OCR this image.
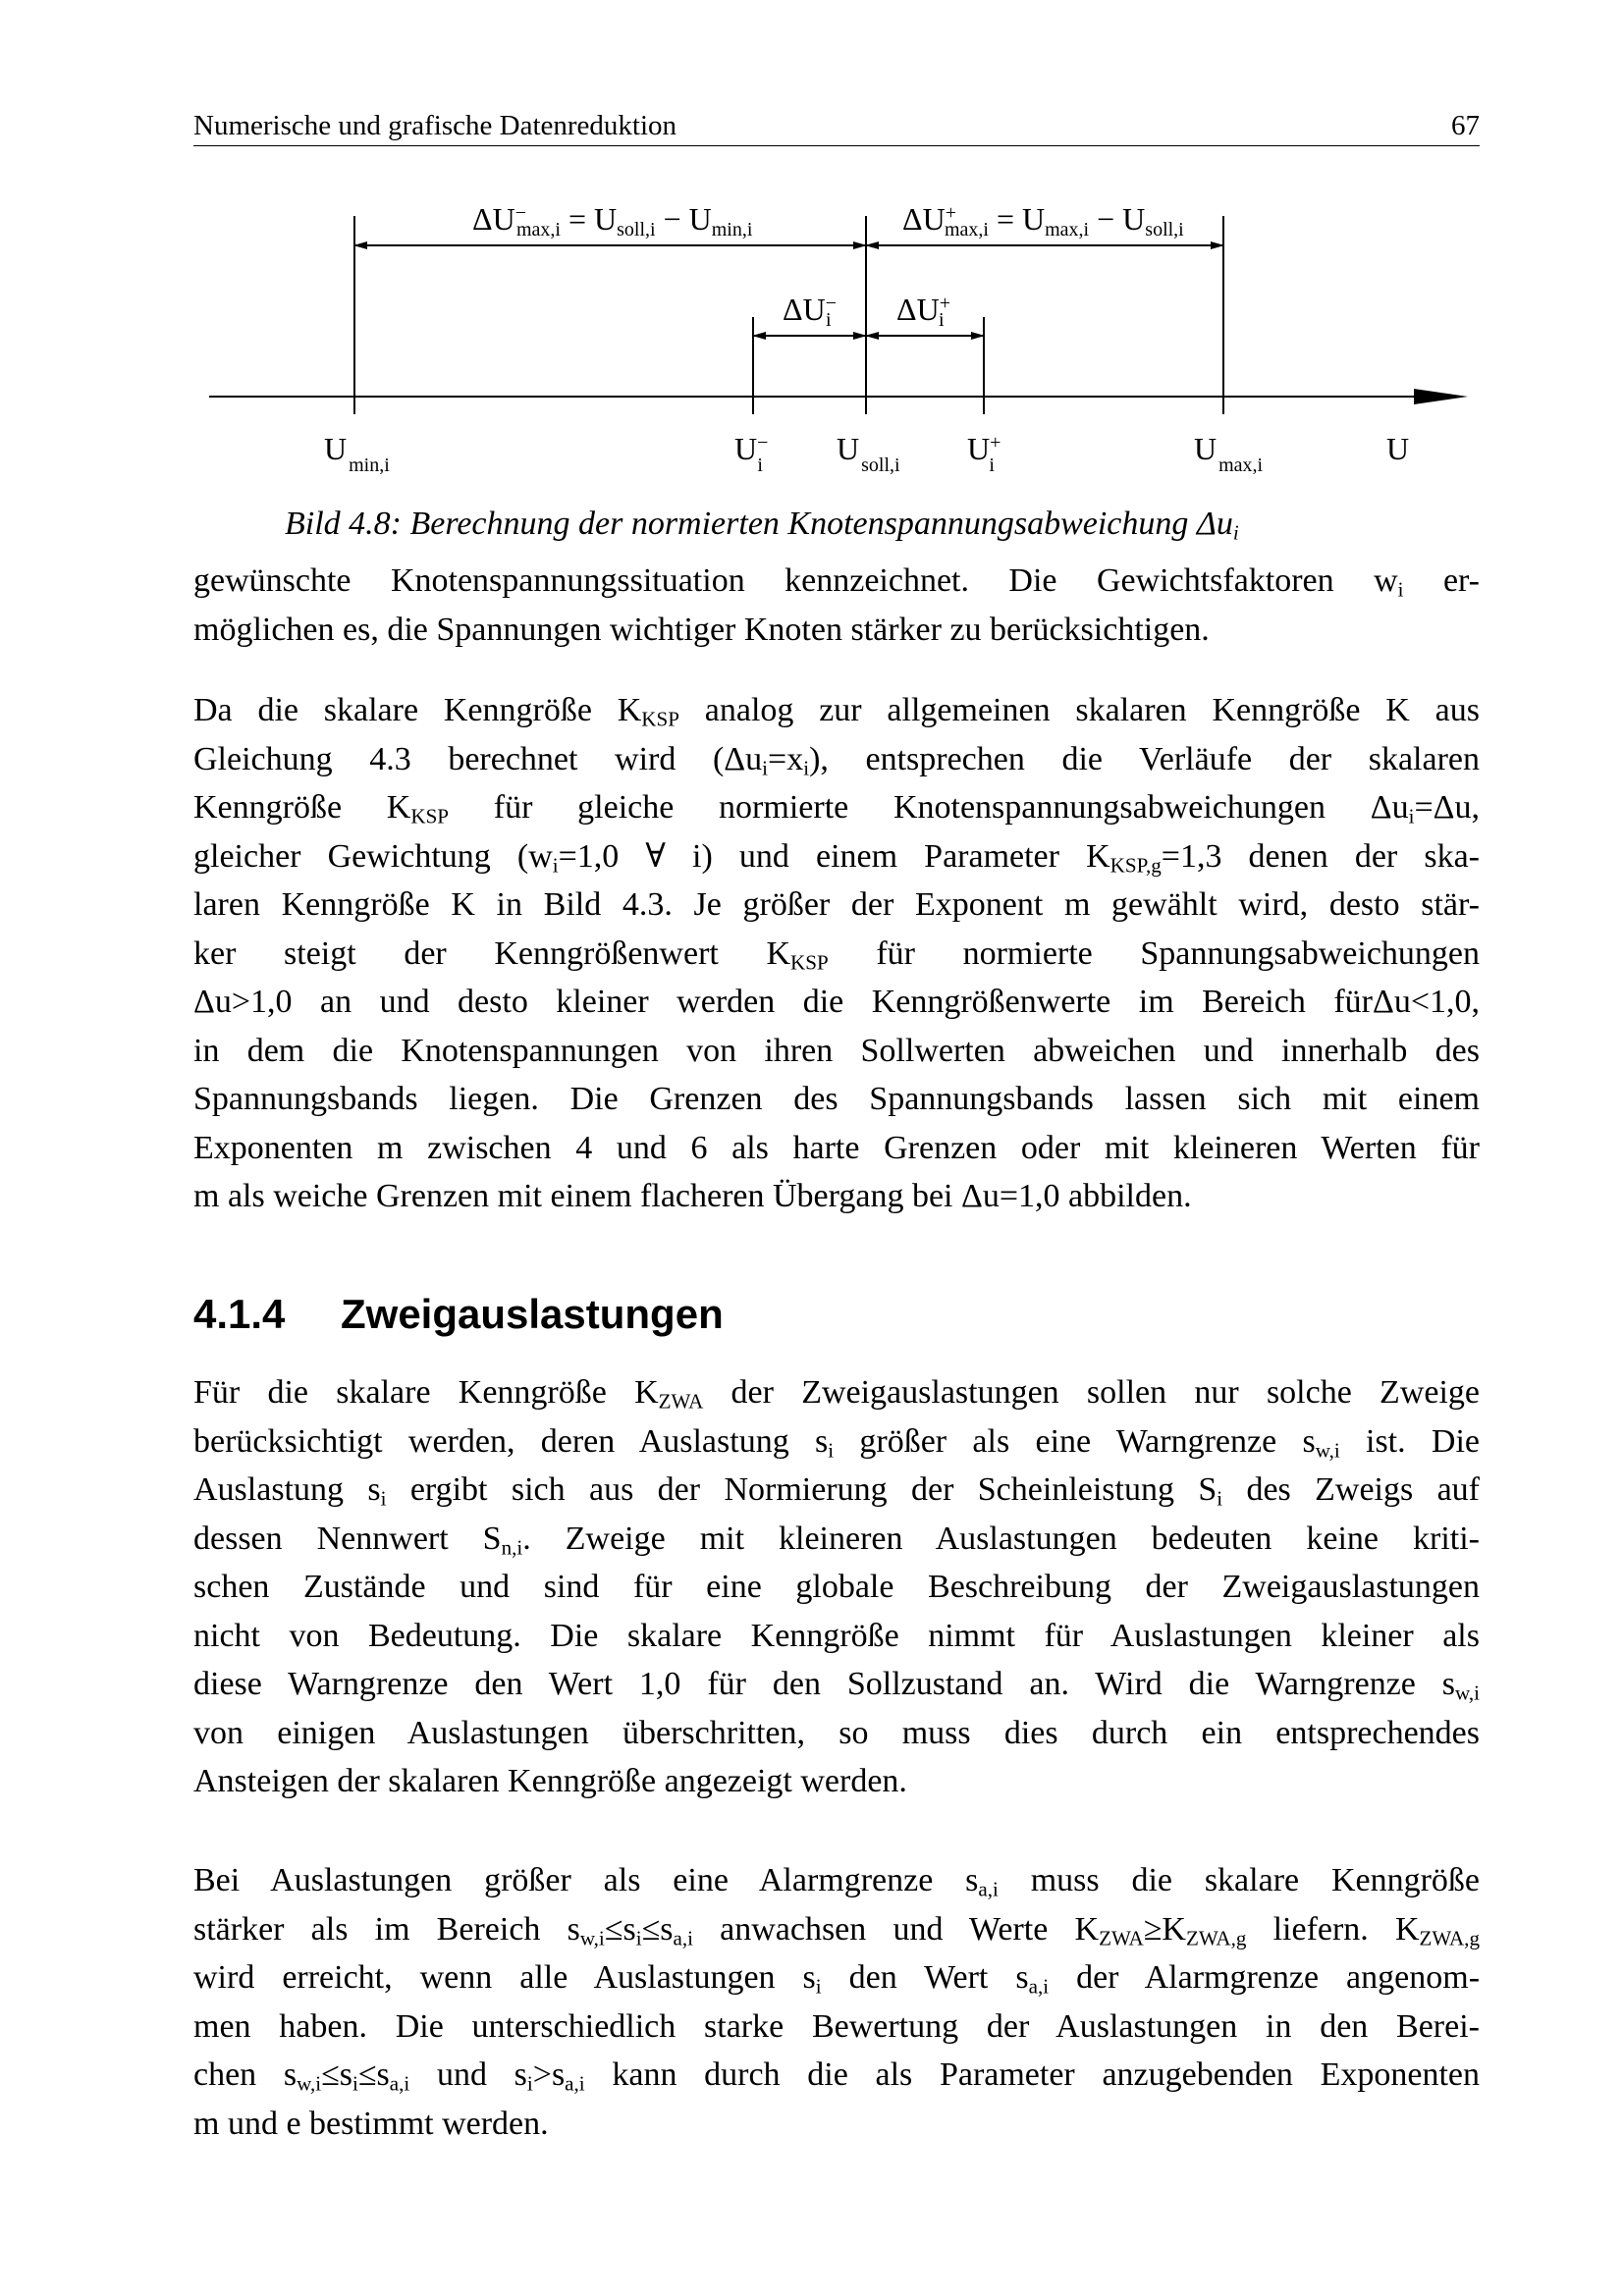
Numerische und grafische Datenreduktion	67
ΔU− max,i = Usoll,i − Umin,i	ΔU+ max,i = Umax,i − Usoll,i
ΔU− i ΔU+ i
U $_{min,i}$	U− i U $_{soll,i}$ U+ i	U $_{max,i}$	U
Bild 4.8: Berechnung der normierten Knotenspannungsabweichung $\Delta u_i$
gewünschte Knotenspannungssituation kennzeichnet. Die Gewichtsfaktoren $w_i$ er-
möglichen es, die Spannungen wichtiger Knoten stärker zu berücksichtigen.
Da die skalare Kenngröße $K_{KSP}$ analog zur allgemeinen skalaren Kenngröße K aus
Gleichung 4.3 berechnet wird $(\Delta u_i=x_i)$, entsprechen die Verläufe der skalaren
Kenngröße $K_{KSP}$ für gleiche normierte Knotenspannungsabweichungen $\Delta u_i=\Delta u$,
gleicher Gewichtung ($w_i=1,0$ ∀ i) und einem Parameter $K_{KSP,g}=1,3$ denen der ska-
laren Kenngröße K in Bild 4.3. Je größer der Exponent m gewählt wird, desto stär-
ker steigt der Kenngrößenwert $K_{KSP}$ für normierte Spannungsabweichungen
Δu>1,0 an und desto kleiner werden die Kenngrößenwerte im Bereich fürΔu<1,0,
in dem die Knotenspannungen von ihren Sollwerten abweichen und innerhalb des
Spannungsbands liegen. Die Grenzen des Spannungsbands lassen sich mit einem
Exponenten m zwischen 4 und 6 als harte Grenzen oder mit kleineren Werten für
m als weiche Grenzen mit einem flacheren Übergang bei Δu=1,0 abbilden.
4.1.4 Zweigauslastungen
Für die skalare Kenngröße $K_{ZWA}$ der Zweigauslastungen sollen nur solche Zweige
berücksichtigt werden, deren Auslastung $s_i$ größer als eine Warngrenze $s_{w,i}$ ist. Die
Auslastung $s_i$ ergibt sich aus der Normierung der Scheinleistung $S_i$ des Zweigs auf
dessen Nennwert $S_{n,i}$. Zweige mit kleineren Auslastungen bedeuten keine kriti-
schen Zustände und sind für eine globale Beschreibung der Zweigauslastungen
nicht von Bedeutung. Die skalare Kenngröße nimmt für Auslastungen kleiner als
diese Warngrenze den Wert 1,0 für den Sollzustand an. Wird die Warngrenze $s_{w,i}$
von einigen Auslastungen überschritten, so muss dies durch ein entsprechendes
Ansteigen der skalaren Kenngröße angezeigt werden.
Bei Auslastungen größer als eine Alarmgrenze $s_{a,i}$ muss die skalare Kenngröße
stärker als im Bereich $s_{w,i}\le s_i\le s_{a,i}$ anwachsen und Werte $K_{ZWA}\ge K_{ZWA,g}$ liefern. $K_{ZWA,g}$
wird erreicht, wenn alle Auslastungen $s_i$ den Wert $s_{a,i}$ der Alarmgrenze angenom-
men haben. Die unterschiedlich starke Bewertung der Auslastungen in den Berei-
chen $s_{w,i}\le s_i\le s_{a,i}$ und $s_i>s_{a,i}$ kann durch die als Parameter anzugebenden Exponenten
m und e bestimmt werden.
